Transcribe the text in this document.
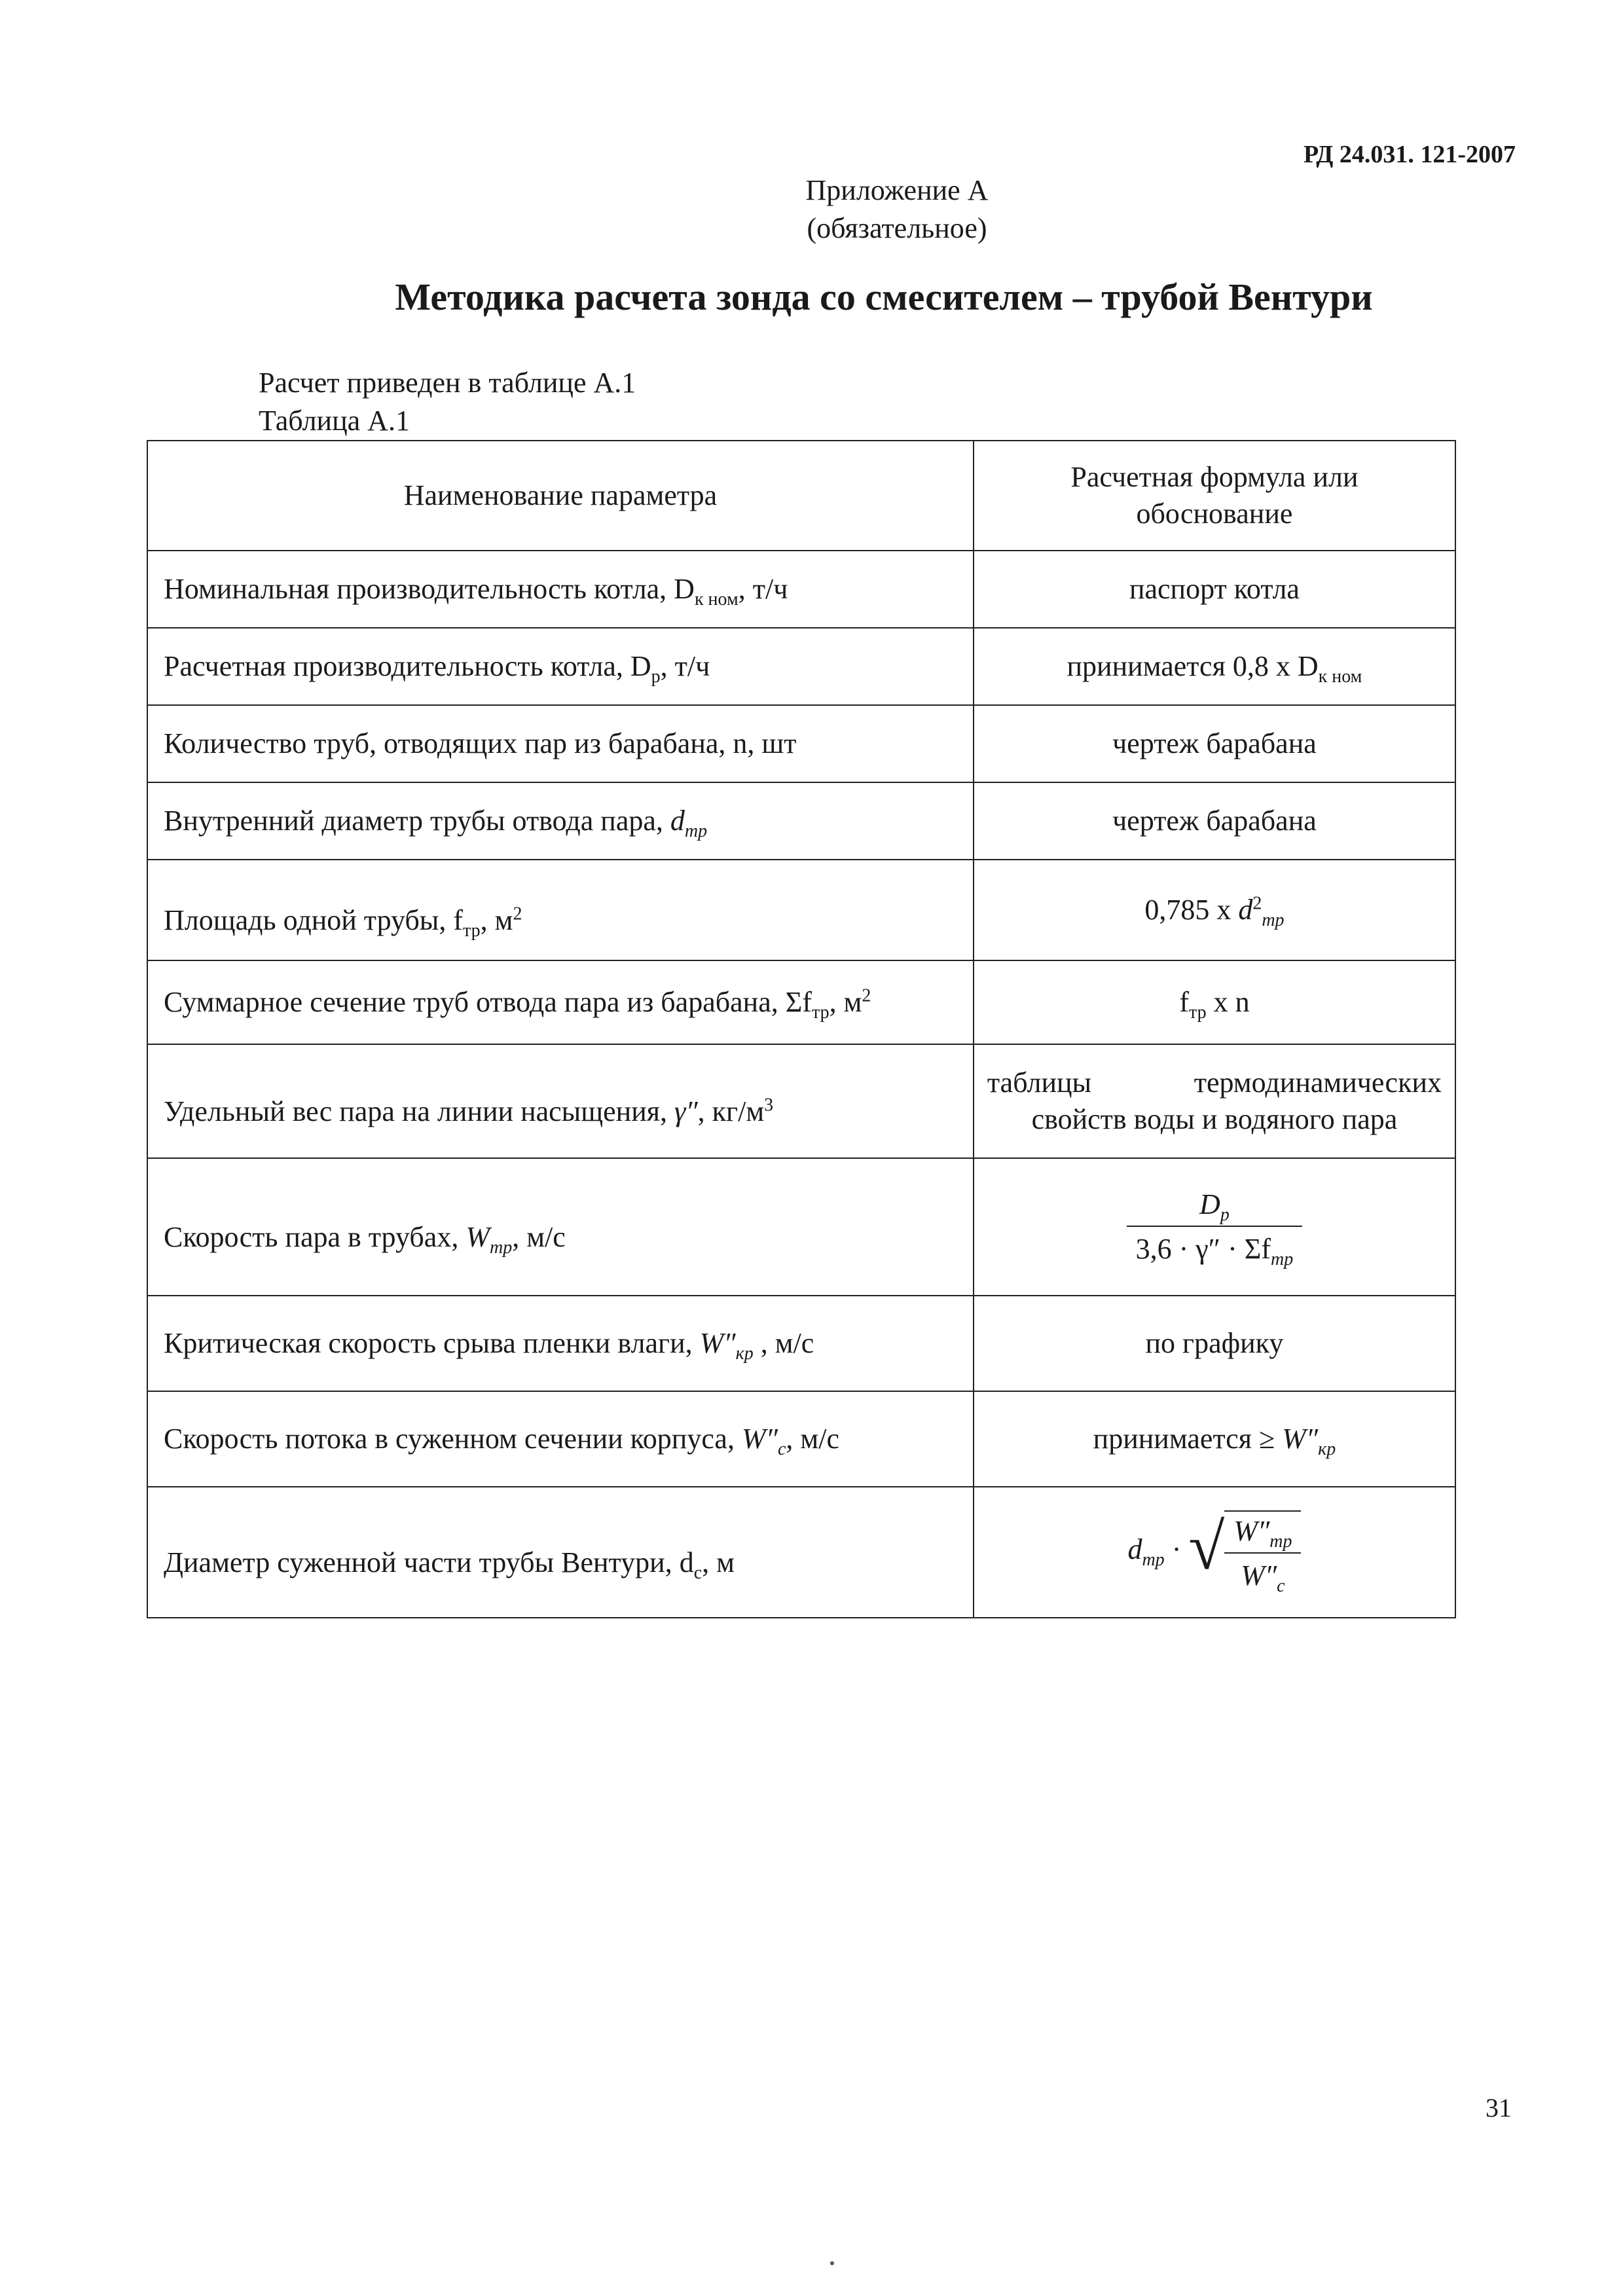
РД 24.031. 121-2007
Приложение А
(обязательное)
Методика расчета зонда со смесителем – трубой Вентури
Расчет приведен в таблице А.1
Таблица А.1
Наименование параметра	Расчетная формула или
обоснование

Номинальная производительность котла, $D_{к ном}$, т/ч	паспорт котла
Расчетная производительность котла, $D_р$, т/ч	принимается 0,8 х $D_{к ном}$
Количество труб, отводящих пар из барабана, n, шт	чертеж барабана
Внутренний диаметр трубы отвода пара, $d_{тр}$	чертеж барабана
Площадь одной трубы, $f_{тр}$, $м^2$	0,785 х $d^2_{тр}$
Суммарное сечение труб отвода пара из барабана, $\Sigma f_{тр}$, $м^2$	$f_{тр}$ х n
Удельный вес пара на линии насыщения, γ″, $кг/м^3$	таблицы термодинамических
свойств воды и водяного пара

Скорость пара в трубах, $W_{тр}$, м/с	$\frac{D_р}{3,6 \cdot \gamma'' \cdot \Sigma f_{тр}}$

Критическая скорость срыва пленки влаги, $W''_{кр}$ , м/с	по графику
Скорость потока в суженном сечении корпуса, $W''_c$, м/с	принимается ≥ $W''_{кр}$
Диаметр суженной части трубы Вентури, $d_c$, м	$d_{тр}$ · √ $\frac{W''_{тр}}{W''_c}$
31
